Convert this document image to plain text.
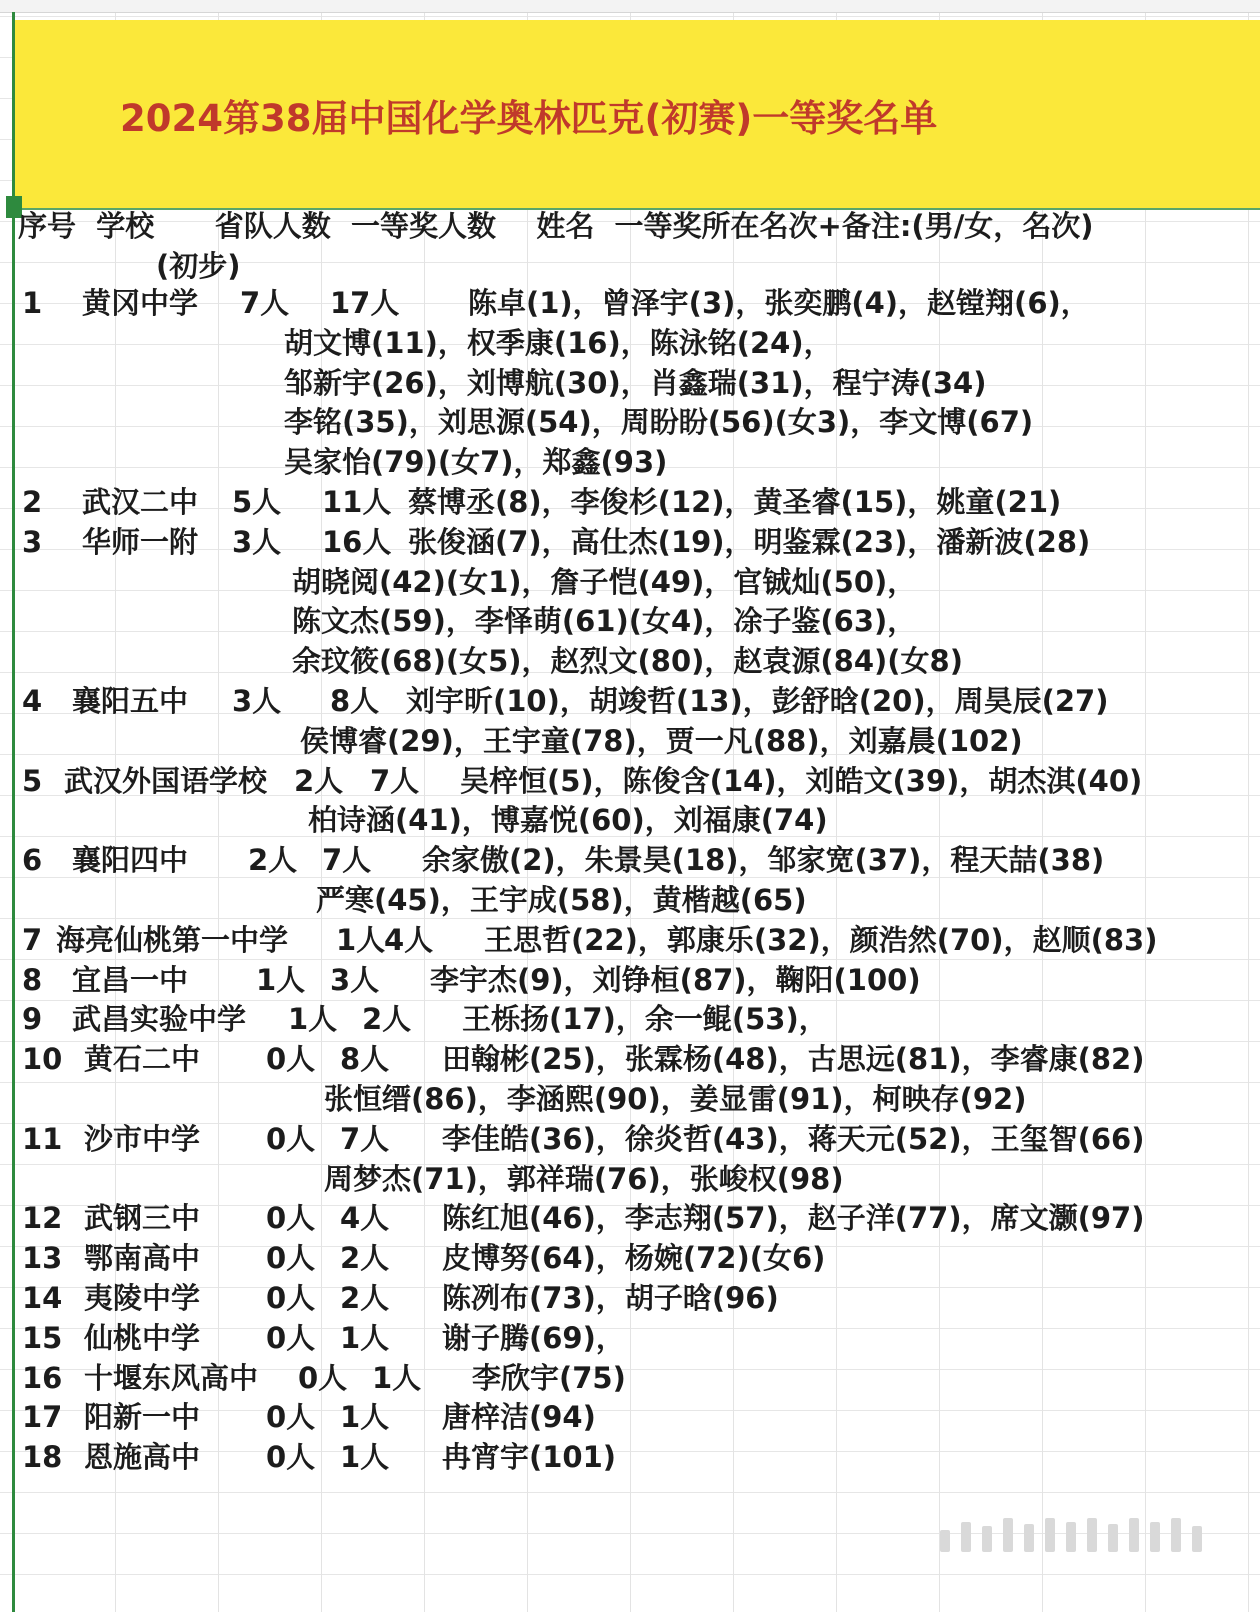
2024第38届中国化学奥林匹克(初赛)一等奖名单
序号  学校      省队人数  一等奖人数    姓名  一等奖所在名次+备注:(男/女，名次)
(初步)
1 黄冈中学 7人 17人 陈卓(1)，曾泽宇(3)，张奕鹏(4)，赵镗翔(6)，
胡文博(11)，权季康(16)，陈泳铭(24)，
邹新宇(26)，刘博航(30)，肖鑫瑞(31)，程宁涛(34)
李铭(35)，刘思源(54)，周盼盼(56)(女3)，李文博(67)
吴家怡(79)(女7)，郑鑫(93)
2 武汉二中 5人 11人 蔡博丞(8)，李俊杉(12)，黄圣睿(15)，姚童(21)
3 华师一附 3人 16人 张俊涵(7)，高仕杰(19)，明鉴霖(23)，潘新波(28)
胡晓阅(42)(女1)，詹子恺(49)，官铖灿(50)，
陈文杰(59)，李怿萌(61)(女4)，凃子鉴(63)，
余玟筱(68)(女5)，赵烈文(80)，赵袁源(84)(女8)
4 襄阳五中 3人 8人 刘宇昕(10)，胡竣哲(13)，彭舒晗(20)，周昊辰(27)
侯博睿(29)，王宇童(78)，贾一凡(88)，刘嘉晨(102)
5 武汉外国语学校 2人 7人 吴梓恒(5)，陈俊含(14)，刘皓文(39)，胡杰淇(40)
柏诗涵(41)，博嘉悦(60)，刘福康(74)
6 襄阳四中 2人 7人 余家傲(2)，朱景昊(18)，邹家宽(37)，程天喆(38)
严寒(45)，王宇成(58)，黄楷越(65)
7 海亮仙桃第一中学 1人
4人 王思哲(22)，郭康乐(32)，颜浩然(70)，赵顺(83)
8 宜昌一中 1人 3人 李宇杰(9)，刘铮桓(87)，鞠阳(100)
9 武昌实验中学 1人 2人 王栎扬(17)，余一鲲(53)，
10 黄石二中 0人 8人 田翰彬(25)，张霖杨(48)，古思远(81)，李睿康(82)
张恒缙(86)，李涵熙(90)，姜显雷(91)，柯映存(92)
11 沙市中学 0人 7人 李佳皓(36)，徐炎哲(43)，蒋天元(52)，王玺智(66)
周梦杰(71)，郭祥瑞(76)，张峻权(98)
12 武钢三中 0人 4人 陈红旭(46)，李志翔(57)，赵子洋(77)，席文灏(97)
13 鄂南高中 0人 2人 皮博努(64)，杨婉(72)(女6)
14 夷陵中学 0人 2人 陈冽布(73)，胡子晗(96)
15 仙桃中学 0人 1人 谢子腾(69)，
16 十堰东风高中 0人 1人 李欣宇(75)
17 阳新一中 0人 1人 唐梓洁(94)
18 恩施高中 0人 1人 冉宵宇(101)
